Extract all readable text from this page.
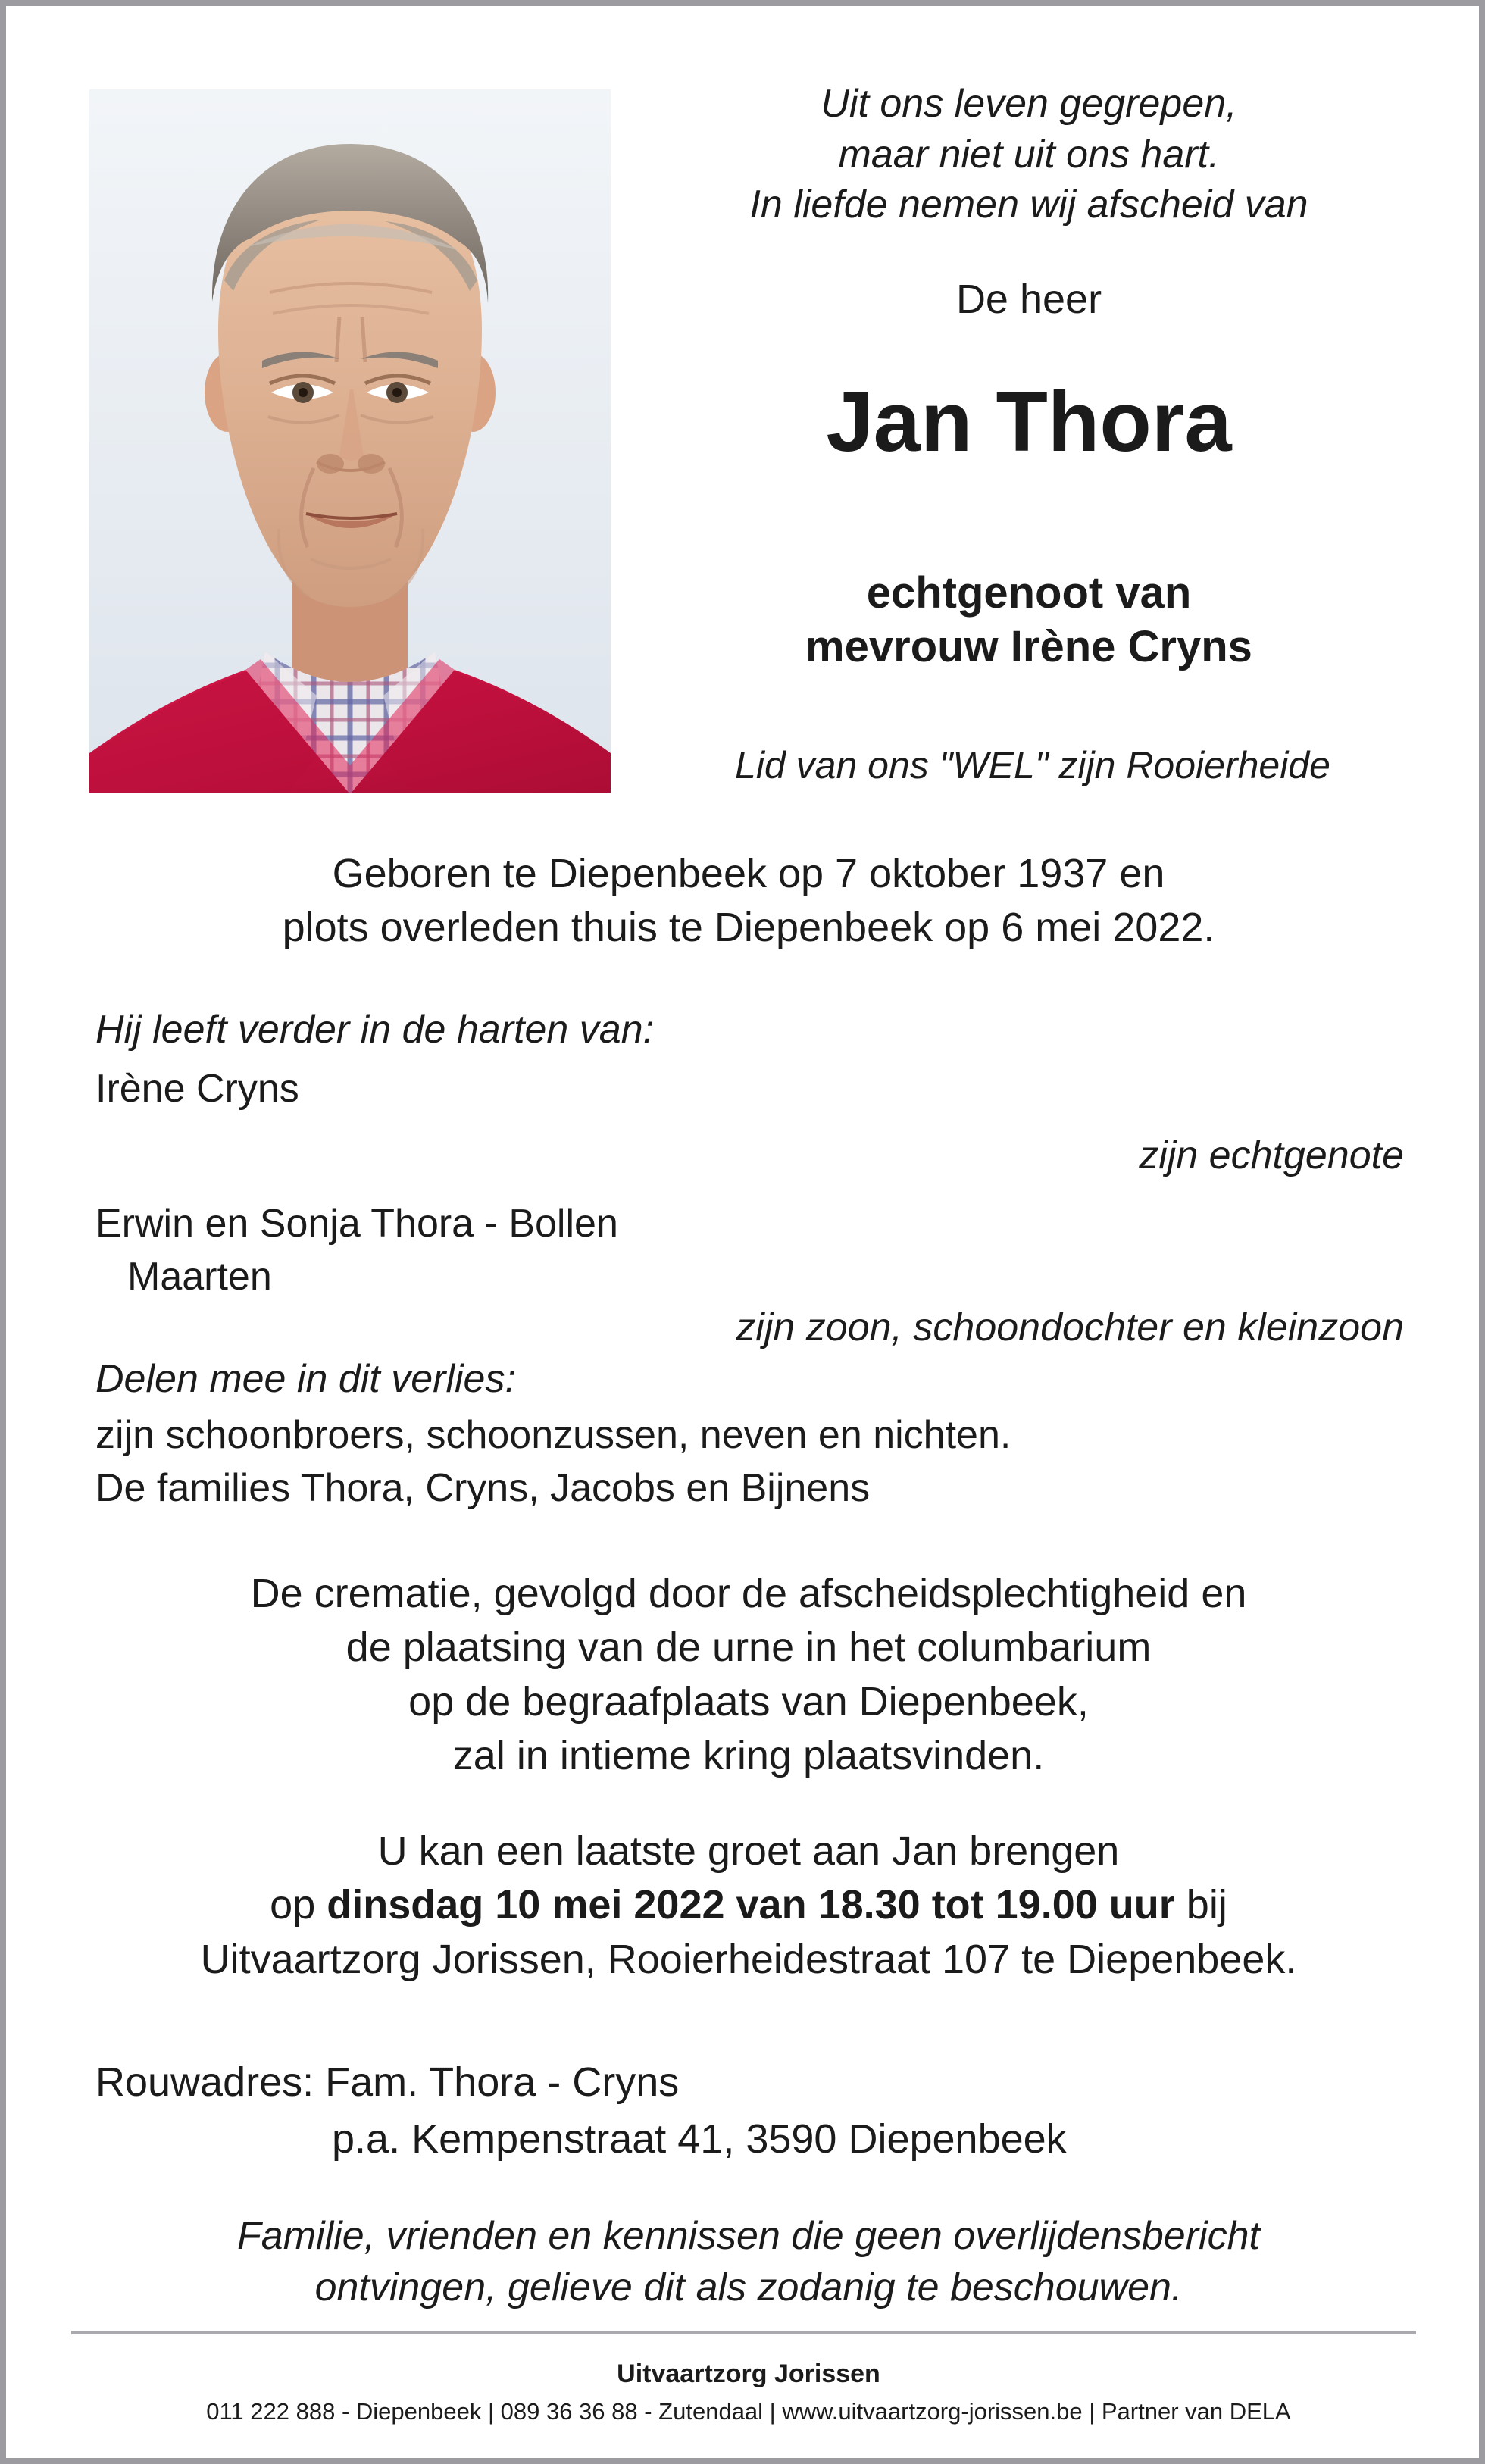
Uit ons leven gegrepen,
maar niet uit ons hart.
In liefde nemen wij afscheid van
De heer
Jan Thora
echtgenoot van
mevrouw Irène Cryns
Lid van ons "WEL" zijn Rooierheide
Geboren te Diepenbeek op 7 oktober 1937 en
plots overleden thuis te Diepenbeek op 6 mei 2022.
Hij leeft verder in de harten van:
Irène Cryns
zijn echtgenote
Erwin en Sonja Thora - Bollen
Maarten
zijn zoon, schoondochter en kleinzoon
Delen mee in dit verlies:
zijn schoonbroers, schoonzussen, neven en nichten.
De families Thora, Cryns, Jacobs en Bijnens
De crematie, gevolgd door de afscheidsplechtigheid en
de plaatsing van de urne in het columbarium
op de begraafplaats van Diepenbeek,
zal in intieme kring plaatsvinden.
U kan een laatste groet aan Jan brengen
op dinsdag 10 mei 2022 van 18.30 tot 19.00 uur bij
Uitvaartzorg Jorissen, Rooierheidestraat 107 te Diepenbeek.
Rouwadres: Fam. Thora - Cryns
p.a. Kempenstraat 41, 3590 Diepenbeek
Familie, vrienden en kennissen die geen overlijdensbericht
ontvingen, gelieve dit als zodanig te beschouwen.
Uitvaartzorg Jorissen
011 222 888 - Diepenbeek | 089 36 36 88 - Zutendaal | www.uitvaartzorg-jorissen.be | Partner van DELA
